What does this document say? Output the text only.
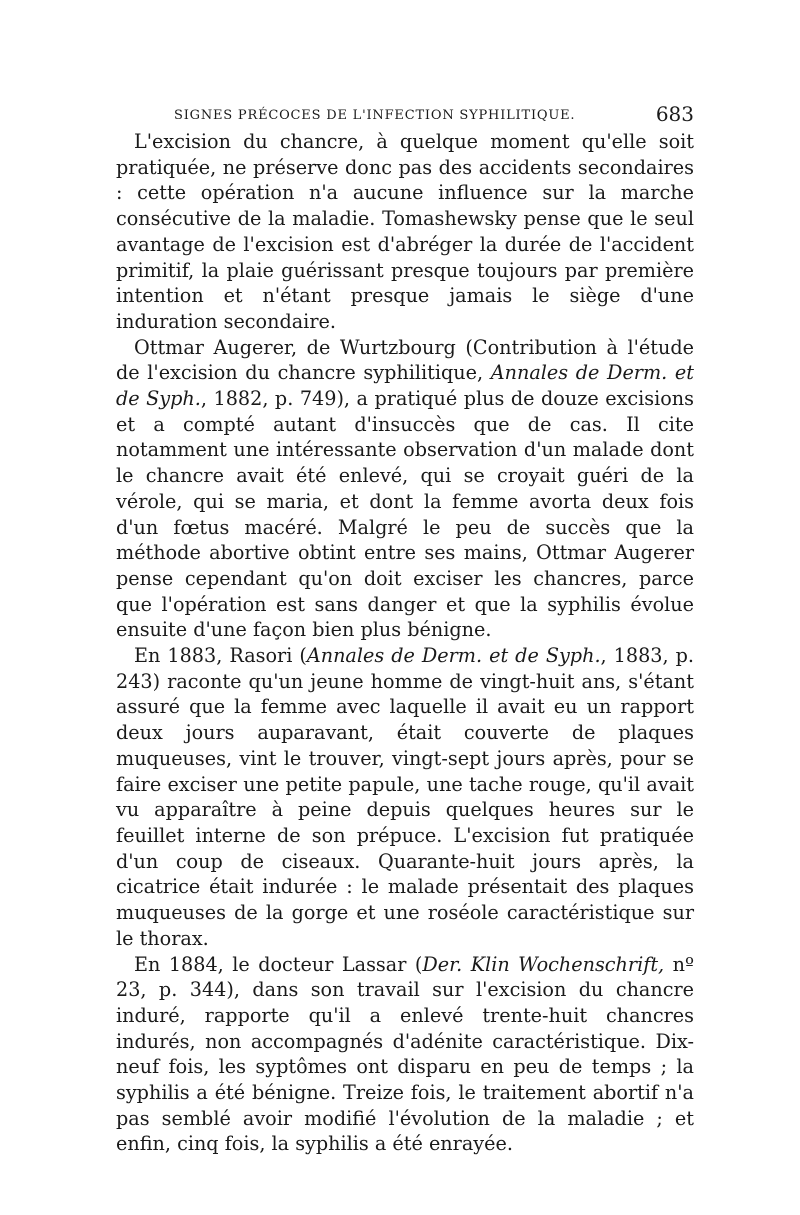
SIGNES PRÉCOCES DE L'INFECTION SYPHILITIQUE.	683

L'excision du chancre, à quelque moment qu'elle soit pratiquée, ne préserve donc pas des accidents secondaires : cette opération n'a aucune influence sur la marche consécutive de la maladie. Tomashewsky pense que le seul avantage de l'excision est d'abréger la durée de l'accident primitif, la plaie guérissant presque toujours par première intention et n'étant presque jamais le siège d'une induration secondaire.

Ottmar Augerer, de Wurtzbourg (Contribution à l'étude de l'excision du chancre syphilitique, Annales de Derm. et de Syph., 1882, p. 749), a pratiqué plus de douze excisions et a compté autant d'insuccès que de cas. Il cite notamment une intéressante observation d'un malade dont le chancre avait été enlevé, qui se croyait guéri de la vérole, qui se maria, et dont la femme avorta deux fois d'un fœtus macéré. Malgré le peu de succès que la méthode abortive obtint entre ses mains, Ottmar Augerer pense cependant qu'on doit exciser les chancres, parce que l'opération est sans danger et que la syphilis évolue ensuite d'une façon bien plus bénigne.

En 1883, Rasori (Annales de Derm. et de Syph., 1883, p. 243) raconte qu'un jeune homme de vingt-huit ans, s'étant assuré que la femme avec laquelle il avait eu un rapport deux jours auparavant, était couverte de plaques muqueuses, vint le trouver, vingt-sept jours après, pour se faire exciser une petite papule, une tache rouge, qu'il avait vu apparaître à peine depuis quelques heures sur le feuillet interne de son prépuce. L'excision fut pratiquée d'un coup de ciseaux. Quarante-huit jours après, la cicatrice était indurée : le malade présentait des plaques muqueuses de la gorge et une roséole caractéristique sur le thorax.

En 1884, le docteur Lassar (Der. Klin Wochenschrift, nº 23, p. 344), dans son travail sur l'excision du chancre induré, rapporte qu'il a enlevé trente-huit chancres indurés, non accompagnés d'adénite caractéristique. Dix-neuf fois, les syptômes ont disparu en peu de temps ; la syphilis a été bénigne. Treize fois, le traitement abortif n'a pas semblé avoir modifié l'évolution de la maladie ; et enfin, cinq fois, la syphilis a été enrayée.
